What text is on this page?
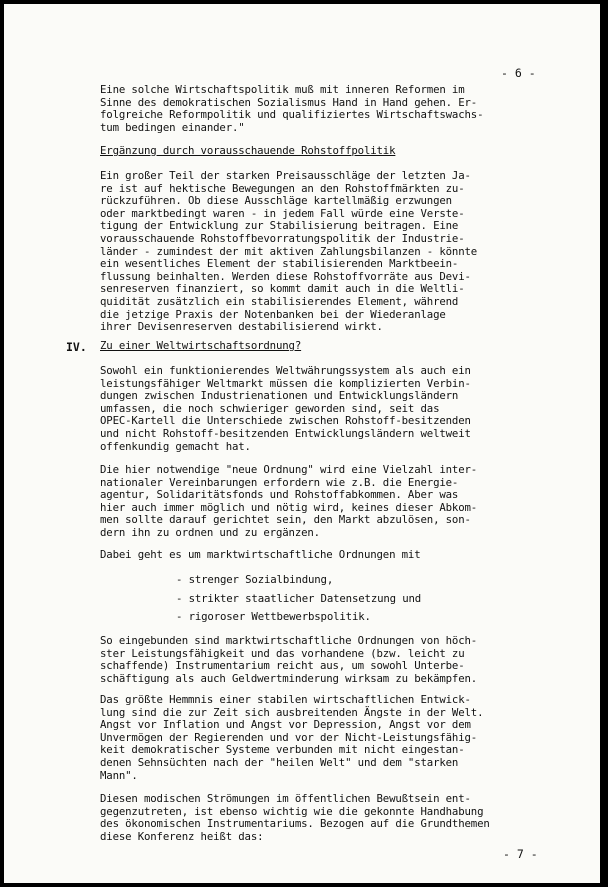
- 6 -
Eine solche Wirtschaftspolitik muß mit inneren Reformen im
Sinne des demokratischen Sozialismus Hand in Hand gehen. Er-
folgreiche Reformpolitik und qualifiziertes Wirtschaftswachs-
tum bedingen einander."
Ergänzung durch vorausschauende Rohstoffpolitik
Ein großer Teil der starken Preisausschläge der letzten Ja-
re ist auf hektische Bewegungen an den Rohstoffmärkten zu-
rückzuführen. Ob diese Ausschläge kartellmäßig erzwungen
oder marktbedingt waren - in jedem Fall würde eine Verste-
tigung der Entwicklung zur Stabilisierung beitragen. Eine
vorausschauende Rohstoffbevorratungspolitik der Industrie-
länder - zumindest der mit aktiven Zahlungsbilanzen - könnte
ein wesentliches Element der stabilisierenden Marktbeein-
flussung beinhalten. Werden diese Rohstoffvorräte aus Devi-
senreserven finanziert, so kommt damit auch in die Weltli-
quidität zusätzlich ein stabilisierendes Element, während
die jetzige Praxis der Notenbanken bei der Wiederanlage
ihrer Devisenreserven destabilisierend wirkt.
IV. Zu einer Weltwirtschaftsordnung?
Sowohl ein funktionierendes Weltwährungssystem als auch ein
leistungsfähiger Weltmarkt müssen die komplizierten Verbin-
dungen zwischen Industrienationen und Entwicklungsländern
umfassen, die noch schwieriger geworden sind, seit das
OPEC-Kartell die Unterschiede zwischen Rohstoff-besitzenden
und nicht Rohstoff-besitzenden Entwicklungsländern weltweit
offenkundig gemacht hat.
Die hier notwendige "neue Ordnung" wird eine Vielzahl inter-
nationaler Vereinbarungen erfordern wie z.B. die Energie-
agentur, Solidaritätsfonds und Rohstoffabkommen. Aber was
hier auch immer möglich und nötig wird, keines dieser Abkom-
men sollte darauf gerichtet sein, den Markt abzulösen, son-
dern ihn zu ordnen und zu ergänzen.
Dabei geht es um marktwirtschaftliche Ordnungen mit
- strenger Sozialbindung,
- strikter staatlicher Datensetzung und
- rigoroser Wettbewerbspolitik.
So eingebunden sind marktwirtschaftliche Ordnungen von höch-
ster Leistungsfähigkeit und das vorhandene (bzw. leicht zu
schaffende) Instrumentarium reicht aus, um sowohl Unterbe-
schäftigung als auch Geldwertminderung wirksam zu bekämpfen.
Das größte Hemmnis einer stabilen wirtschaftlichen Entwick-
lung sind die zur Zeit sich ausbreitenden Ängste in der Welt.
Angst vor Inflation und Angst vor Depression, Angst vor dem
Unvermögen der Regierenden und vor der Nicht-Leistungsfähig-
keit demokratischer Systeme verbunden mit nicht eingestan-
denen Sehnsüchten nach der "heilen Welt" und dem "starken
Mann".
Diesen modischen Strömungen im öffentlichen Bewußtsein ent-
gegenzutreten, ist ebenso wichtig wie die gekonnte Handhabung
des ökonomischen Instrumentariums. Bezogen auf die Grundthemen
diese Konferenz heißt das:
- 7 -
